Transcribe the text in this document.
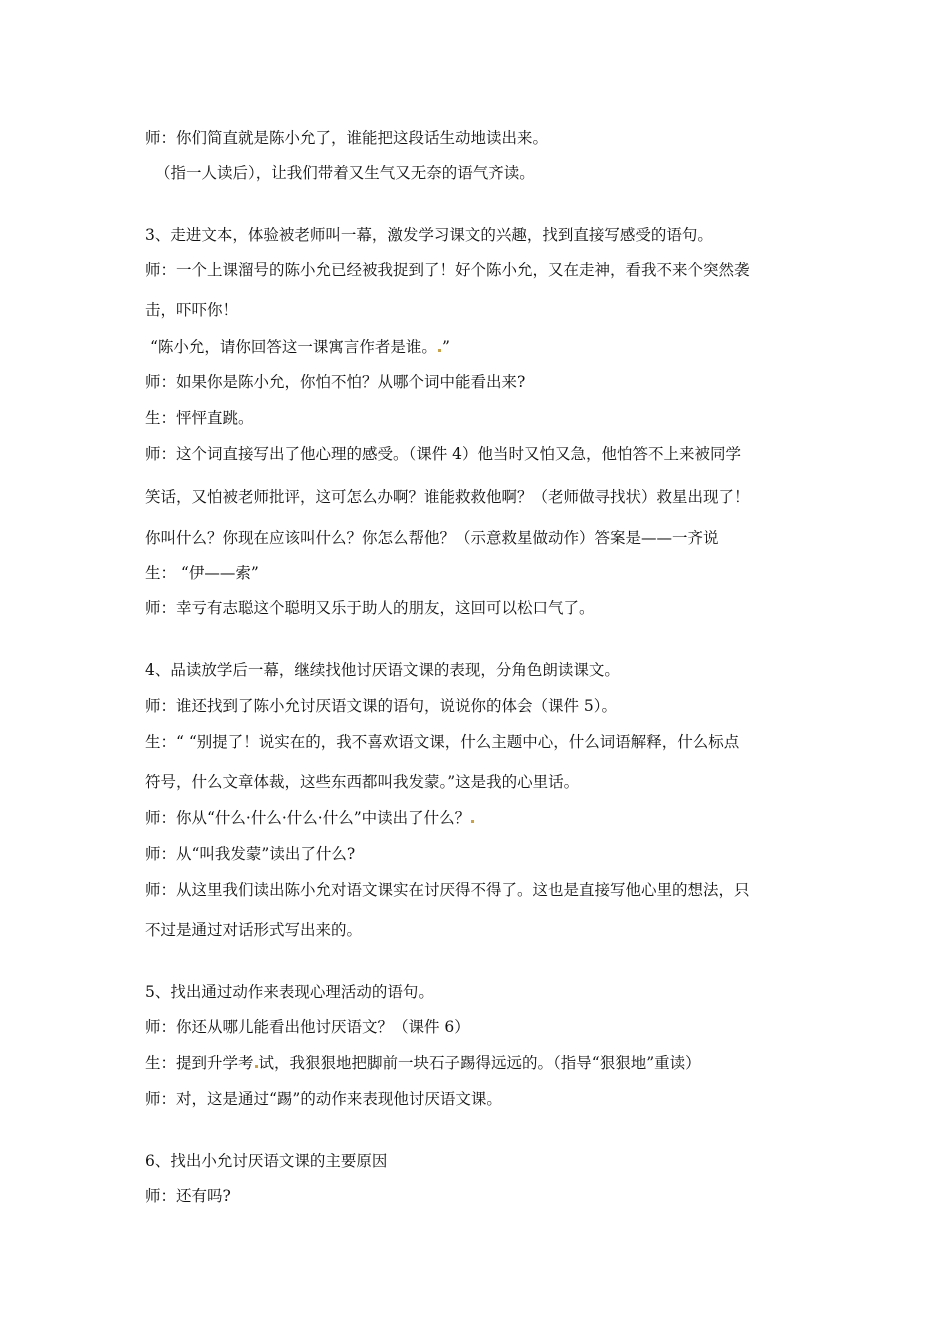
师：你们简直就是陈小允了，谁能把这段话生动地读出来。
（指一人读后），让我们带着又生气又无奈的语气齐读。
3、走进文本，体验被老师叫一幕，激发学习课文的兴趣，找到直接写感受的语句。
师：一个上课溜号的陈小允已经被我捉到了！好个陈小允，又在走神，看我不来个突然袭
击，吓吓你！
“陈小允，请你回答这一课寓言作者是谁。 ”
师：如果你是陈小允，你怕不怕？从哪个词中能看出来?
生：怦怦直跳。
师：这个词直接写出了他心理的感受。（课件 4）他当时又怕又急，他怕答不上来被同学
笑话，又怕被老师批评，这可怎么办啊？谁能救救他啊？（老师做寻找状）救星出现了！
你叫什么？你现在应该叫什么？你怎么帮他？（示意救星做动作）答案是——一齐说
生： “伊——索”
师：幸亏有志聪这个聪明又乐于助人的朋友，这回可以松口气了。
4、品读放学后一幕，继续找他讨厌语文课的表现，分角色朗读课文。
师：谁还找到了陈小允讨厌语文课的语句，说说你的体会（课件 5）。
生：“ “别提了！说实在的，我不喜欢语文课，什么主题中心，什么词语解释，什么标点
符号，什么文章体裁，这些东西都叫我发蒙。”这是我的心里话。
师：你从“什么·什么·什么·什么”中读出了什么？
师：从“叫我发蒙”读出了什么?
师：从这里我们读出陈小允对语文课实在讨厌得不得了。这也是直接写他心里的想法，只
不过是通过对话形式写出来的。
5、找出通过动作来表现心理活动的语句。
师：你还从哪儿能看出他讨厌语文？（课件 6）
生：提到升学考 试，我狠狠地把脚前一块石子踢得远远的。（指导“狠狠地”重读）
师：对，这是通过“踢”的动作来表现他讨厌语文课。
6、找出小允讨厌语文课的主要原因
师：还有吗?
